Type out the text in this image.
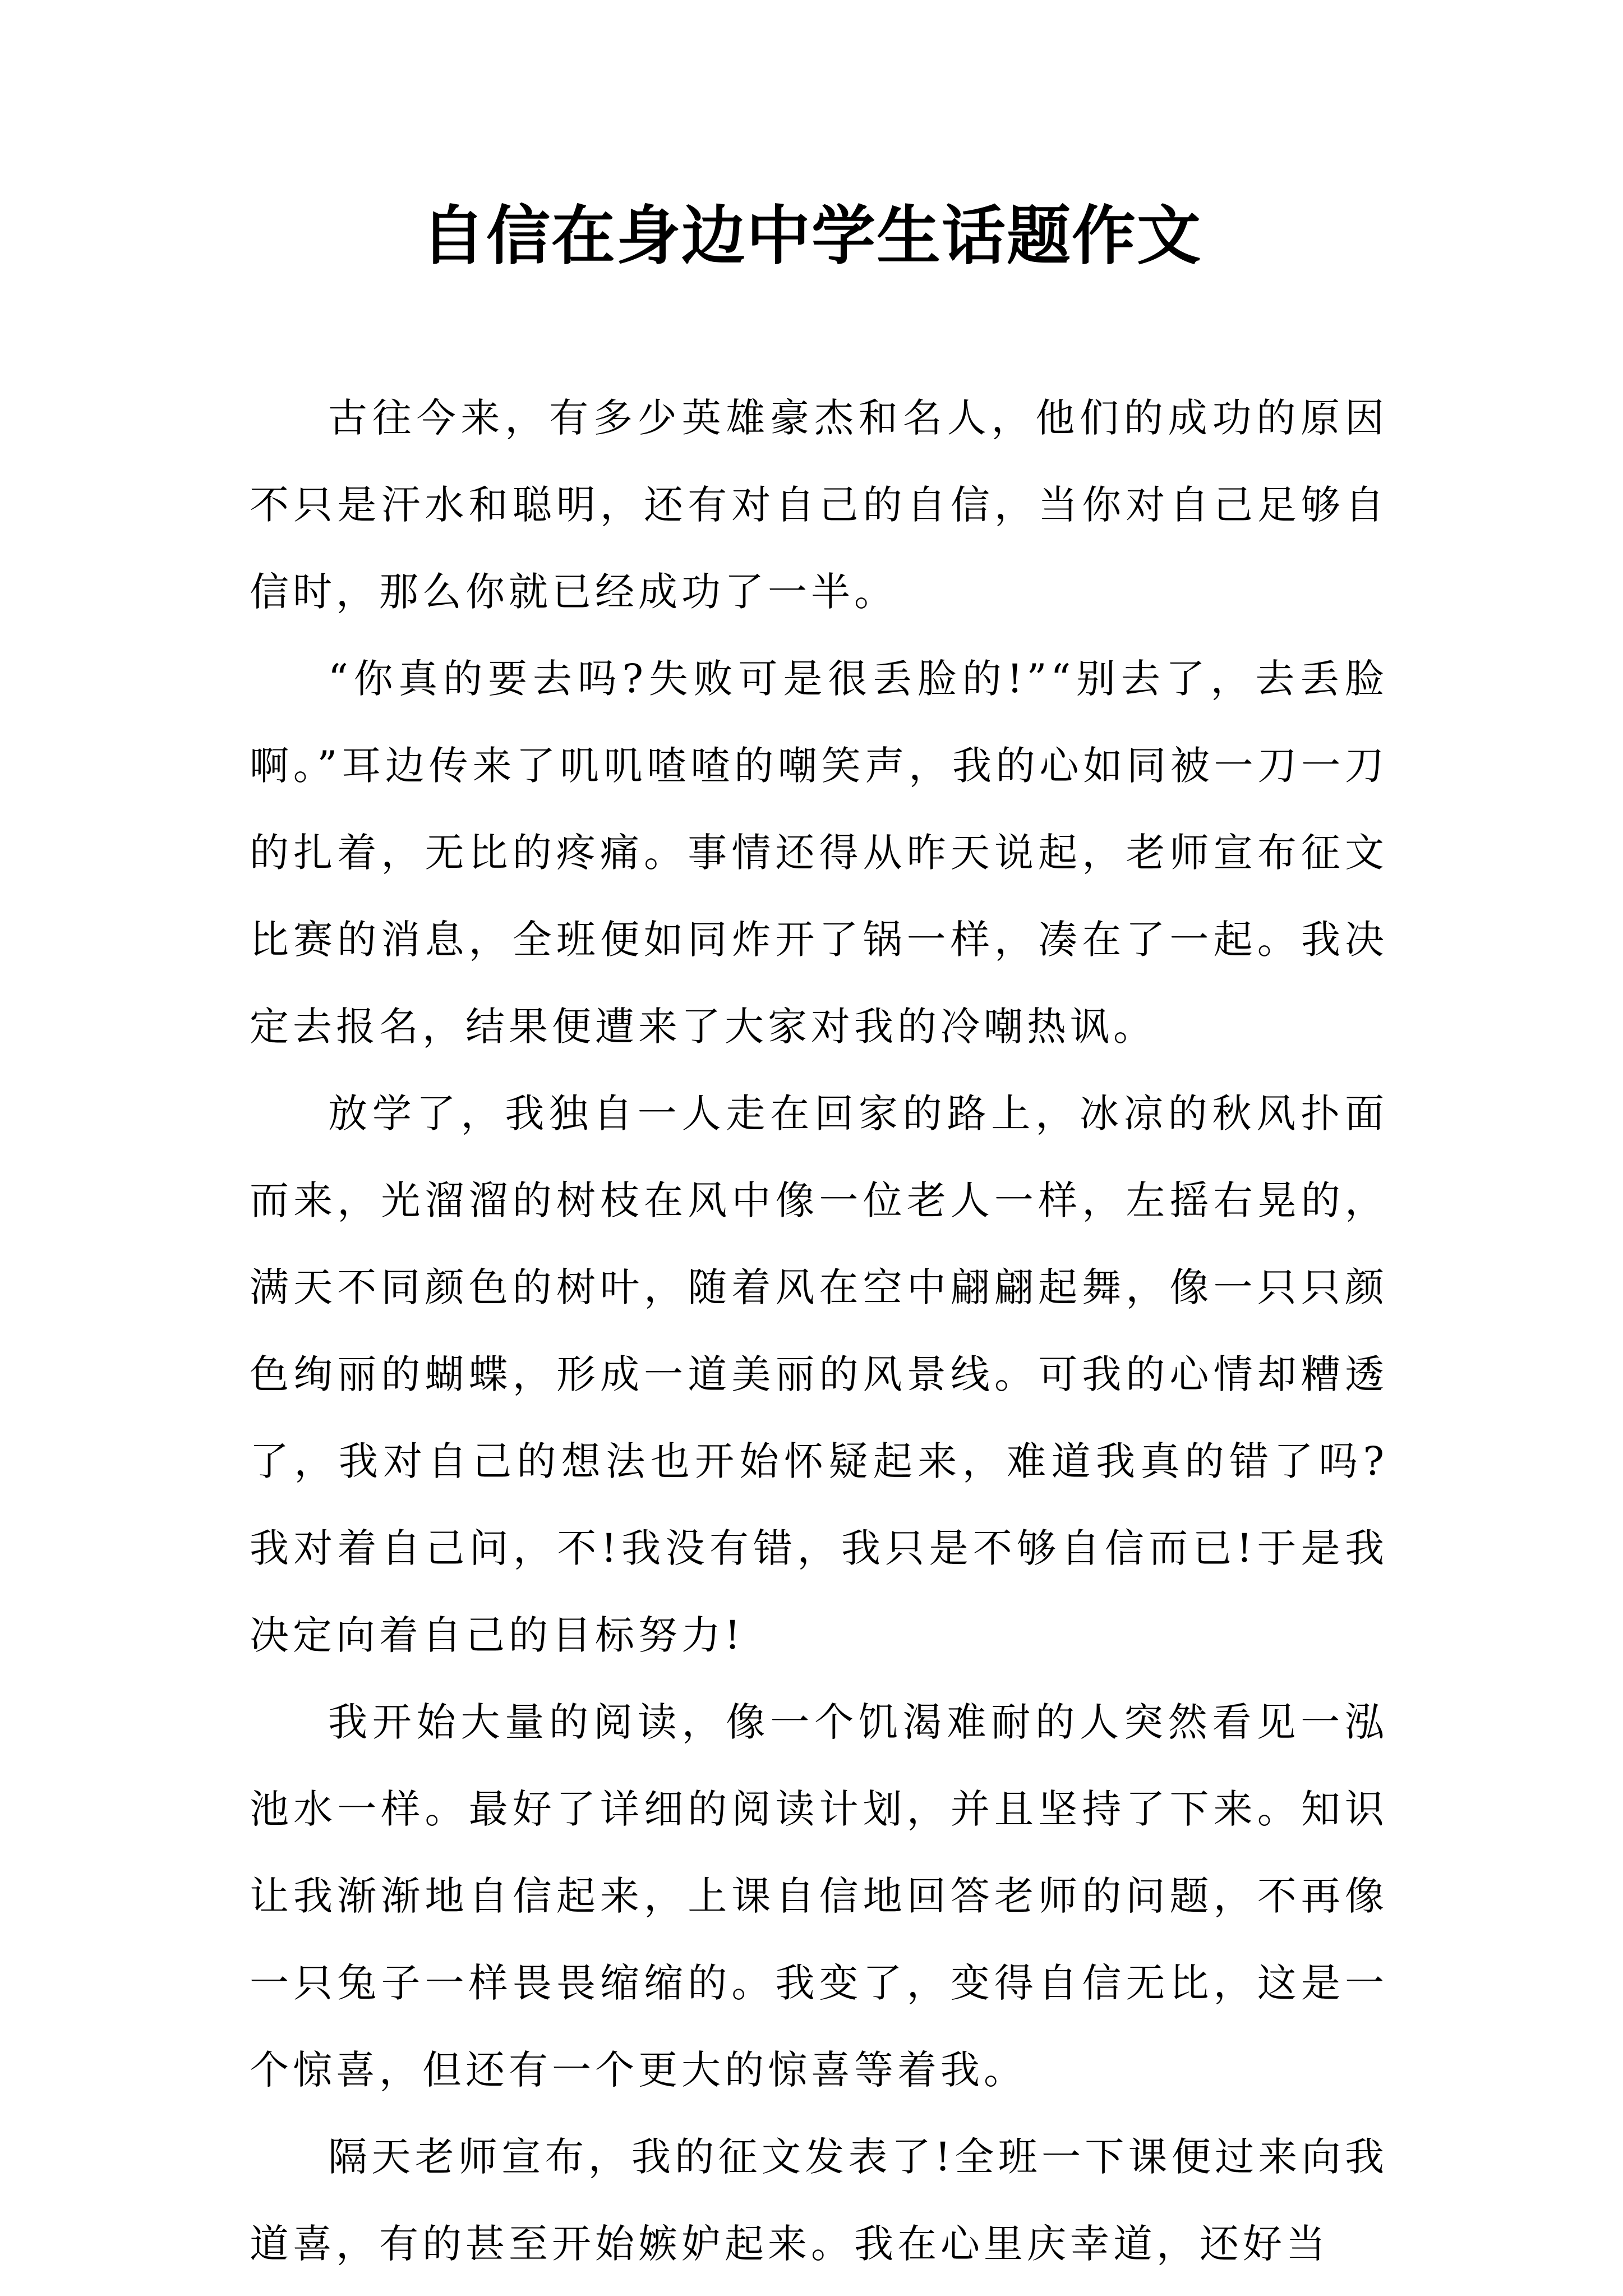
自信在身边中学生话题作文

古往今来，有多少英雄豪杰和名人，他们的成功的原因不只是汗水和聪明，还有对自己的自信，当你对自己足够自信时，那么你就已经成功了一半。

“你真的要去吗?失败可是很丢脸的!”“别去了，去丢脸啊。”耳边传来了叽叽喳喳的嘲笑声，我的心如同被一刀一刀的扎着，无比的疼痛。事情还得从昨天说起，老师宣布征文比赛的消息，全班便如同炸开了锅一样，凑在了一起。我决定去报名，结果便遭来了大家对我的冷嘲热讽。

放学了，我独自一人走在回家的路上，冰凉的秋风扑面而来，光溜溜的树枝在风中像一位老人一样，左摇右晃的，满天不同颜色的树叶，随着风在空中翩翩起舞，像一只只颜色绚丽的蝴蝶，形成一道美丽的风景线。可我的心情却糟透了，我对自己的想法也开始怀疑起来，难道我真的错了吗?我对着自己问，不!我没有错，我只是不够自信而已!于是我决定向着自己的目标努力!

我开始大量的阅读，像一个饥渴难耐的人突然看见一泓池水一样。最好了详细的阅读计划，并且坚持了下来。知识让我渐渐地自信起来，上课自信地回答老师的问题，不再像一只兔子一样畏畏缩缩的。我变了，变得自信无比，这是一个惊喜，但还有一个更大的惊喜等着我。

隔天老师宣布，我的征文发表了!全班一下课便过来向我道喜，有的甚至开始嫉妒起来。我在心里庆幸道，还好当
